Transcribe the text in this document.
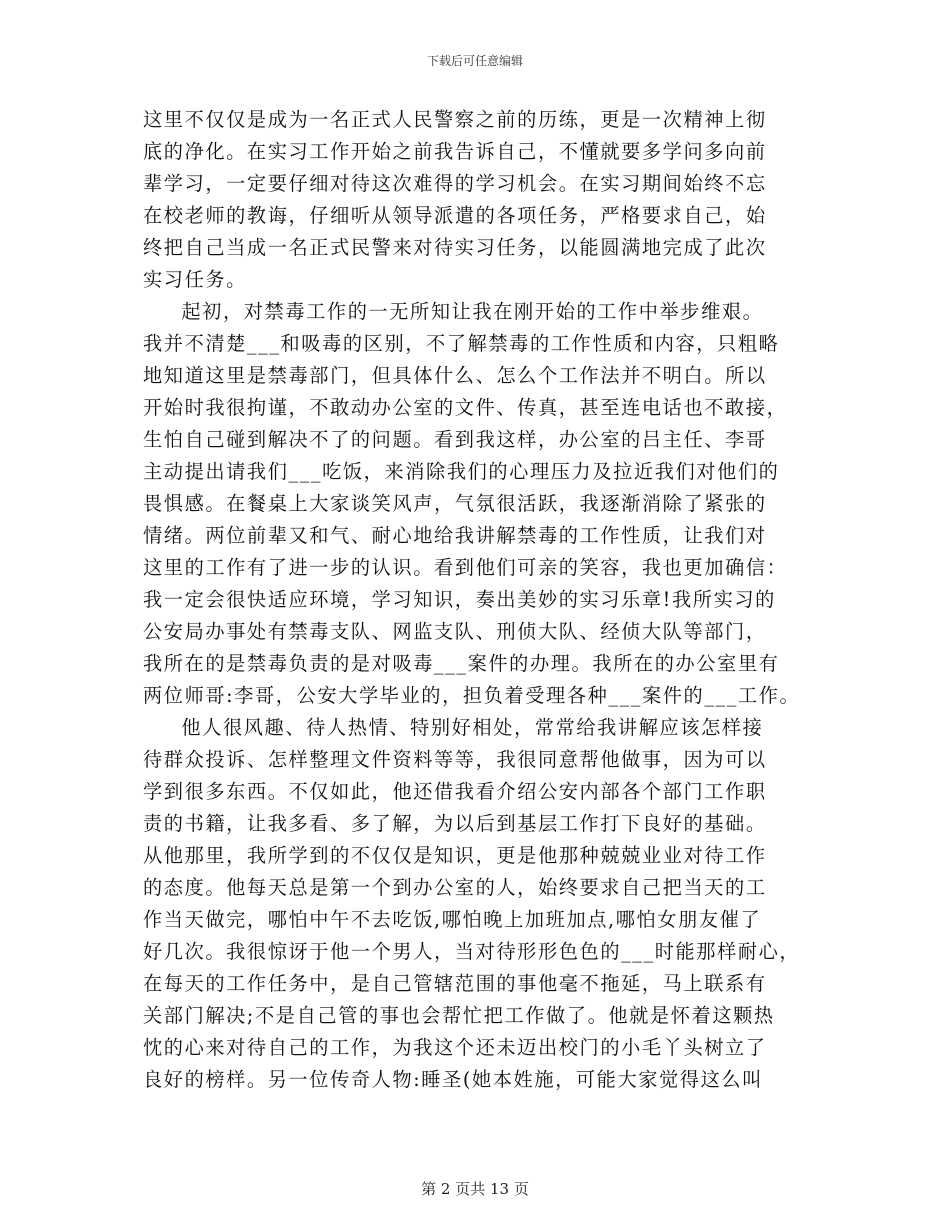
下载后可任意编辑
这里不仅仅是成为一名正式人民警察之前的历练，更是一次精神上彻
底的净化。在实习工作开始之前我告诉自己，不懂就要多学问多向前
辈学习，一定要仔细对待这次难得的学习机会。在实习期间始终不忘
在校老师的教诲，仔细听从领导派遣的各项任务，严格要求自己，始
终把自己当成一名正式民警来对待实习任务，以能圆满地完成了此次
实习任务。
起初，对禁毒工作的一无所知让我在刚开始的工作中举步维艰。
我并不清楚___和吸毒的区别，不了解禁毒的工作性质和内容，只粗略
地知道这里是禁毒部门，但具体什么、怎么个工作法并不明白。所以
开始时我很拘谨，不敢动办公室的文件、传真，甚至连电话也不敢接，
生怕自己碰到解决不了的问题。看到我这样，办公室的吕主任、李哥
主动提出请我们___吃饭，来消除我们的心理压力及拉近我们对他们的
畏惧感。在餐桌上大家谈笑风声，气氛很活跃，我逐渐消除了紧张的
情绪。两位前辈又和气、耐心地给我讲解禁毒的工作性质，让我们对
这里的工作有了进一步的认识。看到他们可亲的笑容，我也更加确信：
我一定会很快适应环境，学习知识，奏出美妙的实习乐章!我所实习的
公安局办事处有禁毒支队、网监支队、刑侦大队、经侦大队等部门，
我所在的是禁毒负责的是对吸毒___案件的办理。我所在的办公室里有
两位师哥:李哥，公安大学毕业的，担负着受理各种___案件的___工作。
他人很风趣、待人热情、特别好相处，常常给我讲解应该怎样接
待群众投诉、怎样整理文件资料等等，我很同意帮他做事，因为可以
学到很多东西。不仅如此，他还借我看介绍公安内部各个部门工作职
责的书籍，让我多看、多了解，为以后到基层工作打下良好的基础。
从他那里，我所学到的不仅仅是知识，更是他那种兢兢业业对待工作
的态度。他每天总是第一个到办公室的人，始终要求自己把当天的工
作当天做完，哪怕中午不去吃饭,哪怕晚上加班加点,哪怕女朋友催了
好几次。我很惊讶于他一个男人，当对待形形色色的___时能那样耐心，
在每天的工作任务中，是自己管辖范围的事他毫不拖延，马上联系有
关部门解决;不是自己管的事也会帮忙把工作做了。他就是怀着这颗热
忱的心来对待自己的工作，为我这个还未迈出校门的小毛丫头树立了
良好的榜样。另一位传奇人物:睡圣(她本姓施，可能大家觉得这么叫
第 2 页共 13 页
